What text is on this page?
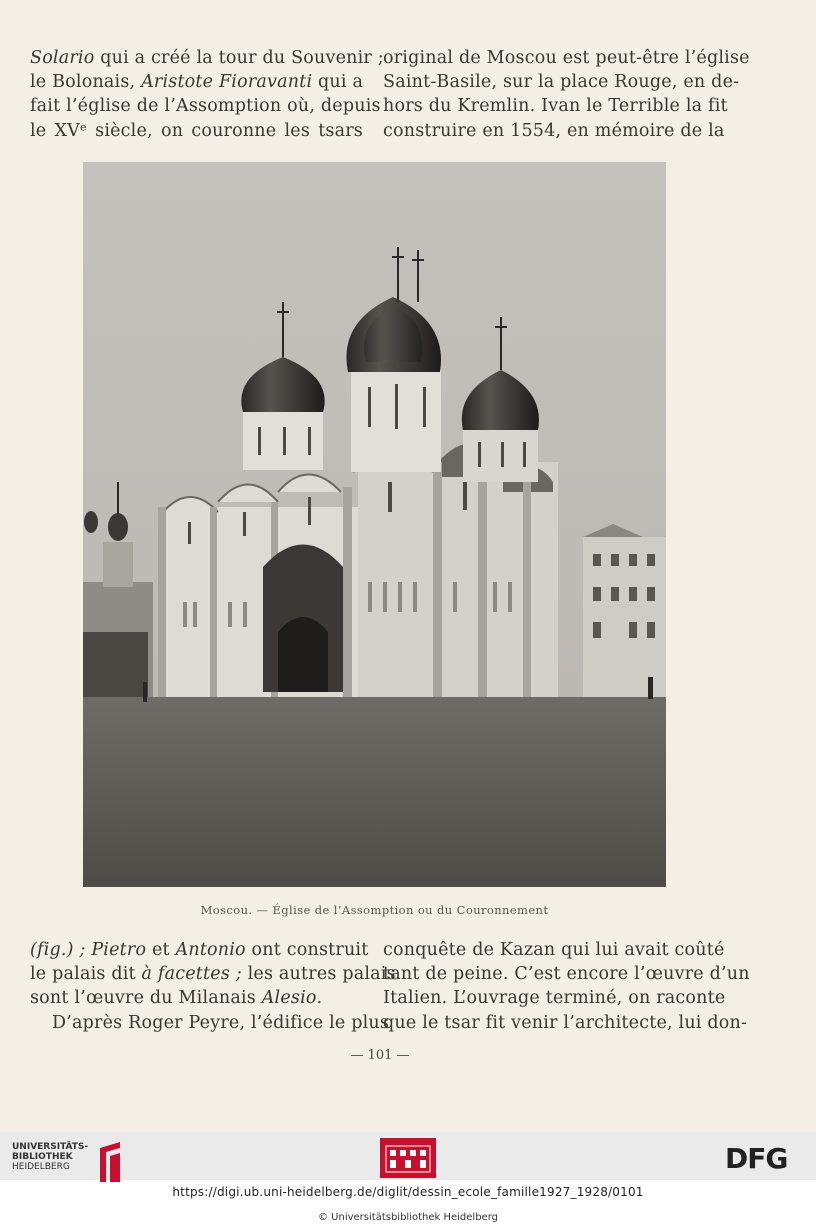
Solario qui a créé la tour du Souvenir ;
le Bolonais, Aristote Fioravanti qui a
fait l’église de l’Assomption où, depuis
le XVᵉ siècle, on couronne les tsars
original de Moscou est peut-être l’église
Saint-Basile, sur la place Rouge, en de-
hors du Kremlin. Ivan le Terrible la fit
construire en 1554, en mémoire de la
Moscou. — Église de l’Assomption ou du Couronnement
(fig.) ; Pietro et Antonio ont construit
le palais dit à facettes ; les autres palais
sont l’œuvre du Milanais Alesio.
D’après Roger Peyre, l’édifice le plus
conquête de Kazan qui lui avait coûté
tant de peine. C’est encore l’œuvre d’un
Italien. L’ouvrage terminé, on raconte
que le tsar fit venir l’architecte, lui don-
— 101 —
UNIVERSITÄTS-
BIBLIOTHEK
HEIDELBERG	DFG
https://digi.ub.uni-heidelberg.de/diglit/dessin_ecole_famille1927_1928/0101
© Universitätsbibliothek Heidelberg
